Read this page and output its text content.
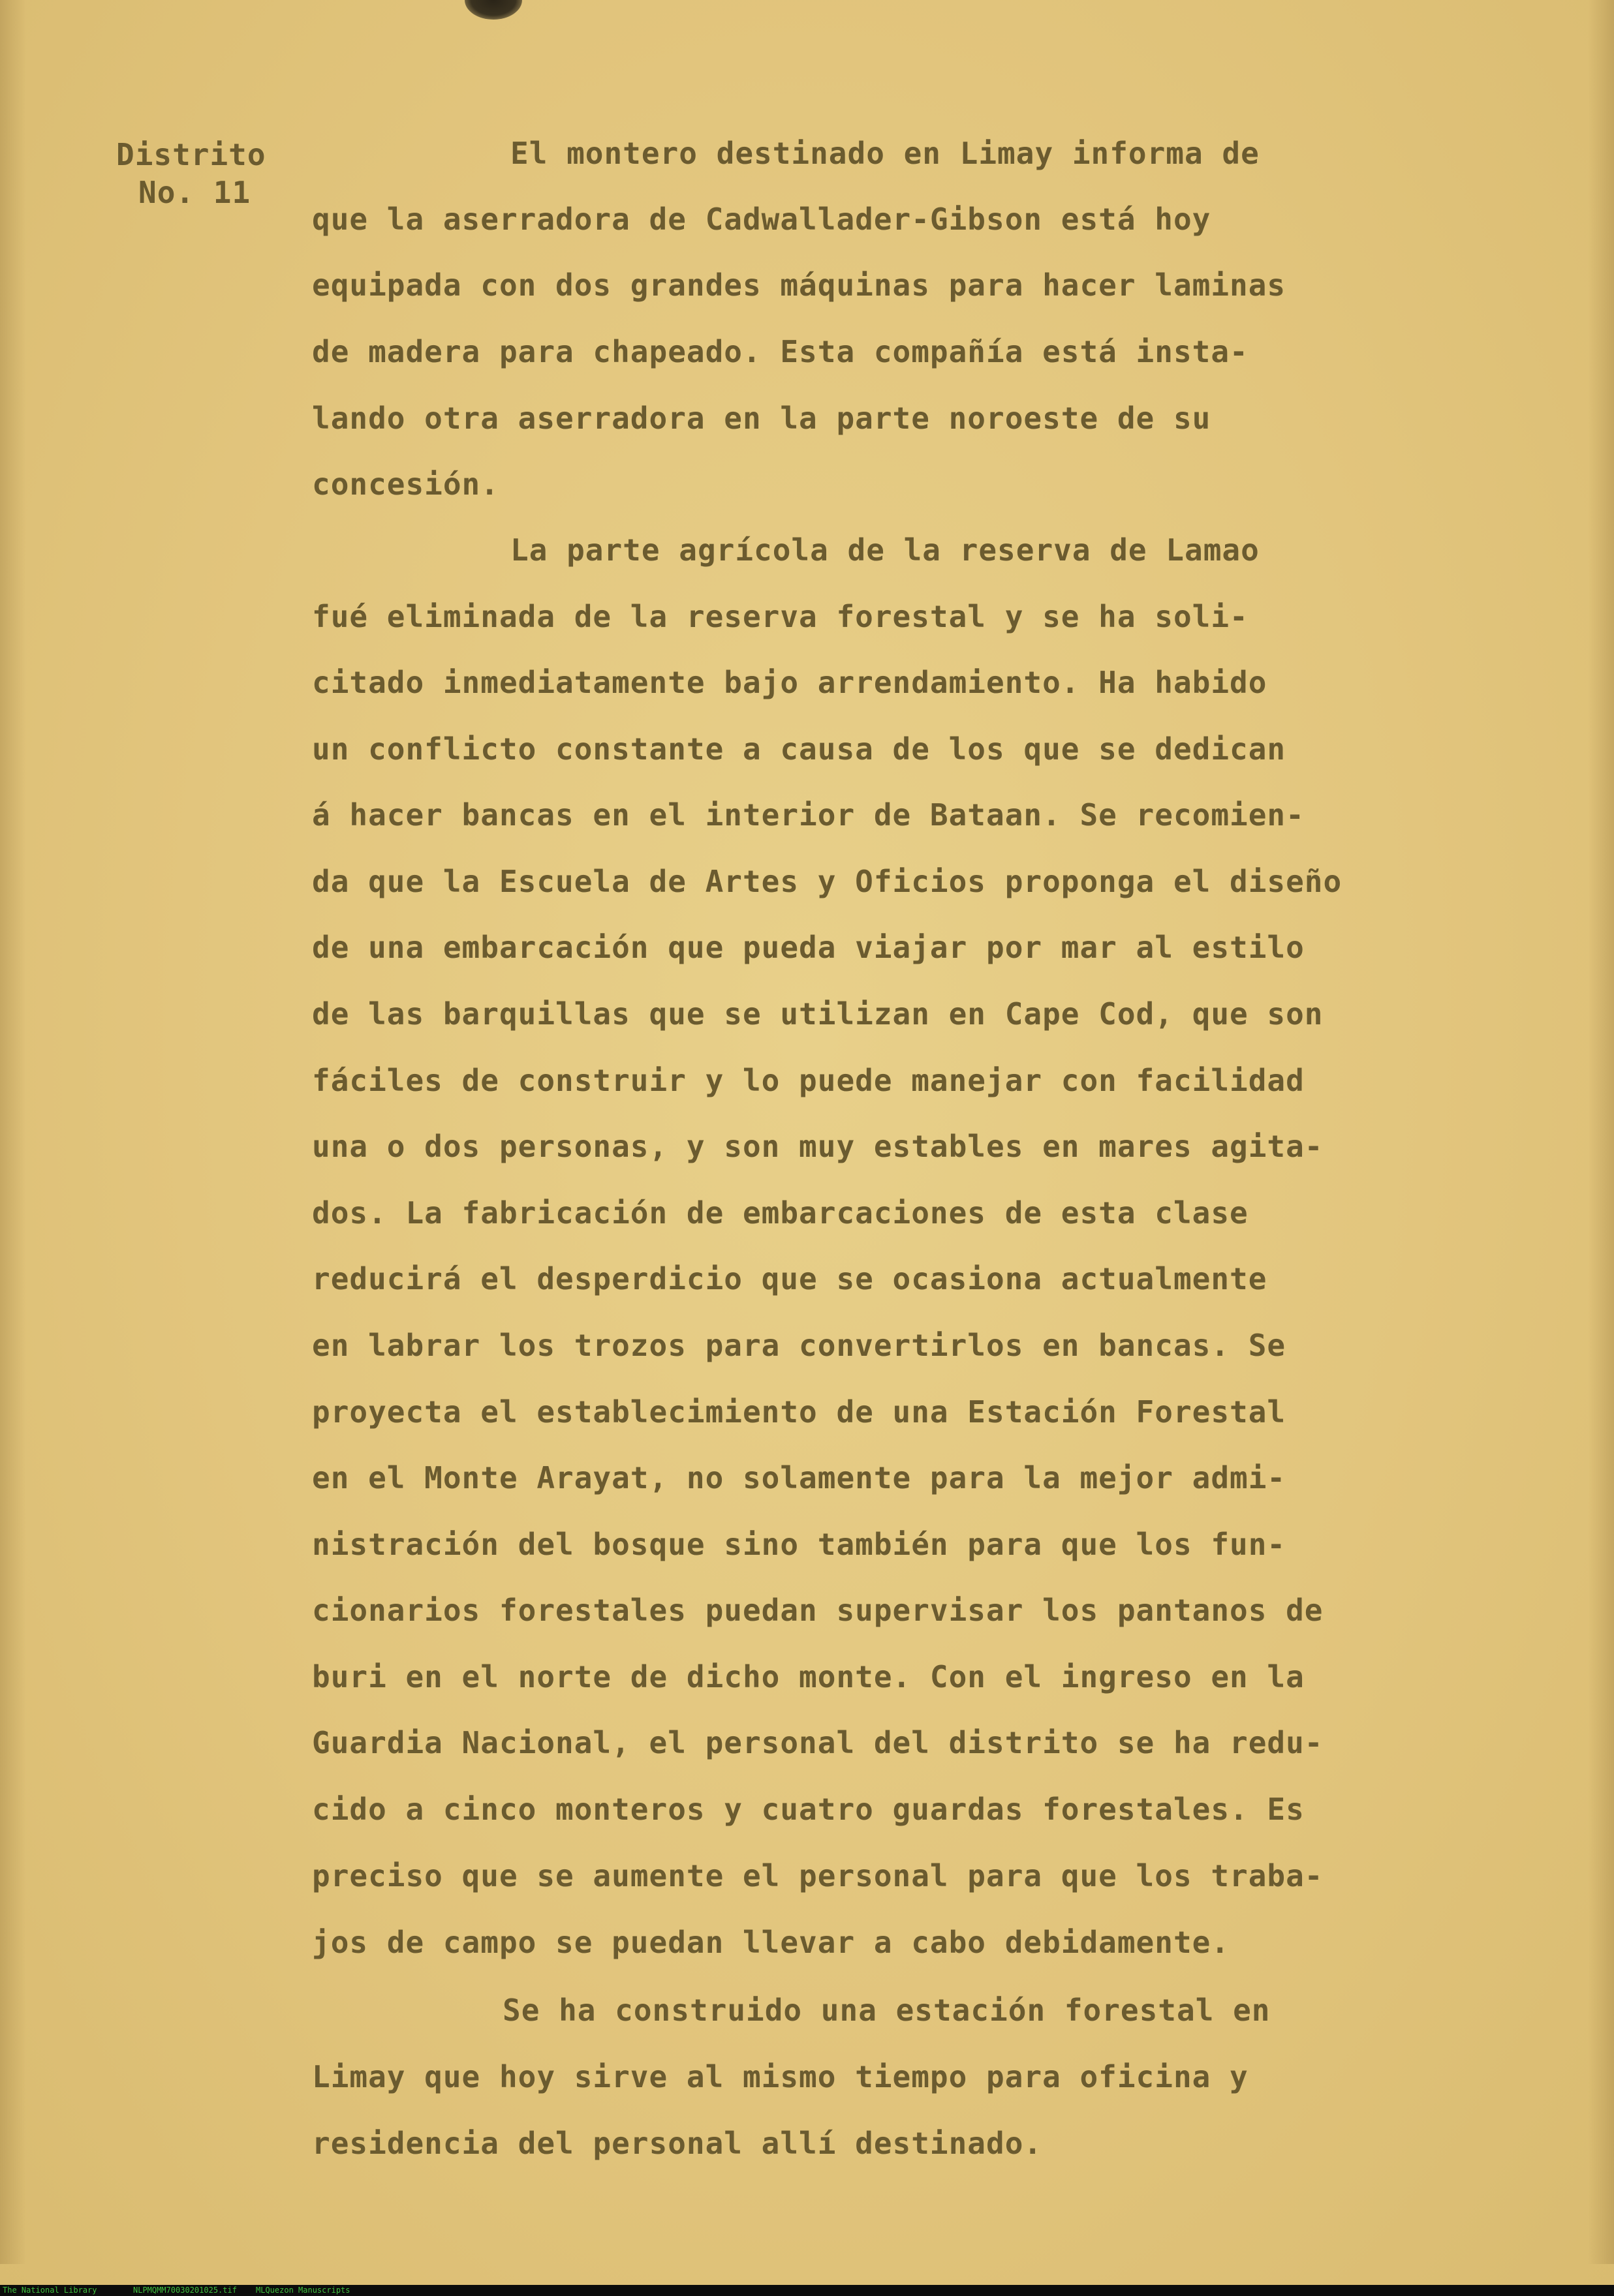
Distrito
No. 11
El montero destinado en Limay informa de
que la aserradora de Cadwallader-Gibson está hoy
equipada con dos grandes máquinas para hacer laminas
de madera para chapeado. Esta compañía está insta-
lando otra aserradora en la parte noroeste de su
concesión.
La parte agrícola de la reserva de Lamao
fué eliminada de la reserva forestal y se ha soli-
citado inmediatamente bajo arrendamiento. Ha habido
un conflicto constante a causa de los que se dedican
á hacer bancas en el interior de Bataan. Se recomien-
da que la Escuela de Artes y Oficios proponga el diseño
de una embarcación que pueda viajar por mar al estilo
de las barquillas que se utilizan en Cape Cod, que son
fáciles de construir y lo puede manejar con facilidad
una o dos personas, y son muy estables en mares agita-
dos. La fabricación de embarcaciones de esta clase
reducirá el desperdicio que se ocasiona actualmente
en labrar los trozos para convertirlos en bancas. Se
proyecta el establecimiento de una Estación Forestal
en el Monte Arayat, no solamente para la mejor admi-
nistración del bosque sino también para que los fun-
cionarios forestales puedan supervisar los pantanos de
buri en el norte de dicho monte. Con el ingreso en la
Guardia Nacional, el personal del distrito se ha redu-
cido a cinco monteros y cuatro guardas forestales. Es
preciso que se aumente el personal para que los traba-
jos de campo se puedan llevar a cabo debidamente.
Se ha construido una estación forestal en
Limay que hoy sirve al mismo tiempo para oficina y
residencia del personal allí destinado.
The National Library	NLPMQMM70030201025.tif MLQuezon Manuscripts
